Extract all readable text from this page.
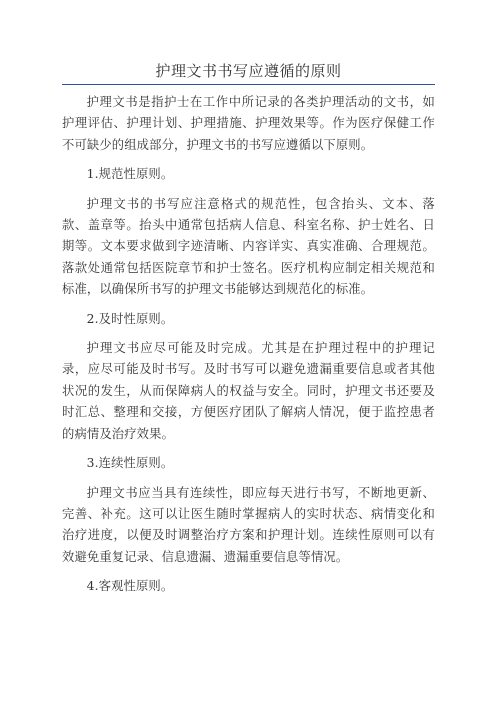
护理文书书写应遵循的原则

护理文书是指护士在工作中所记录的各类护理活动的文书，如护理评估、护理计划、护理措施、护理效果等。作为医疗保健工作不可缺少的组成部分，护理文书的书写应遵循以下原则。

1.规范性原则。

护理文书的书写应注意格式的规范性，包含抬头、文本、落款、盖章等。抬头中通常包括病人信息、科室名称、护士姓名、日期等。文本要求做到字迹清晰、内容详实、真实准确、合理规范。落款处通常包括医院章节和护士签名。医疗机构应制定相关规范和标准，以确保所书写的护理文书能够达到规范化的标准。

2.及时性原则。

护理文书应尽可能及时完成。尤其是在护理过程中的护理记录，应尽可能及时书写。及时书写可以避免遗漏重要信息或者其他状况的发生，从而保障病人的权益与安全。同时，护理文书还要及时汇总、整理和交接，方便医疗团队了解病人情况，便于监控患者的病情及治疗效果。

3.连续性原则。

护理文书应当具有连续性，即应每天进行书写，不断地更新、完善、补充。这可以让医生随时掌握病人的实时状态、病情变化和治疗进度，以便及时调整治疗方案和护理计划。连续性原则可以有效避免重复记录、信息遗漏、遗漏重要信息等情况。

4.客观性原则。
